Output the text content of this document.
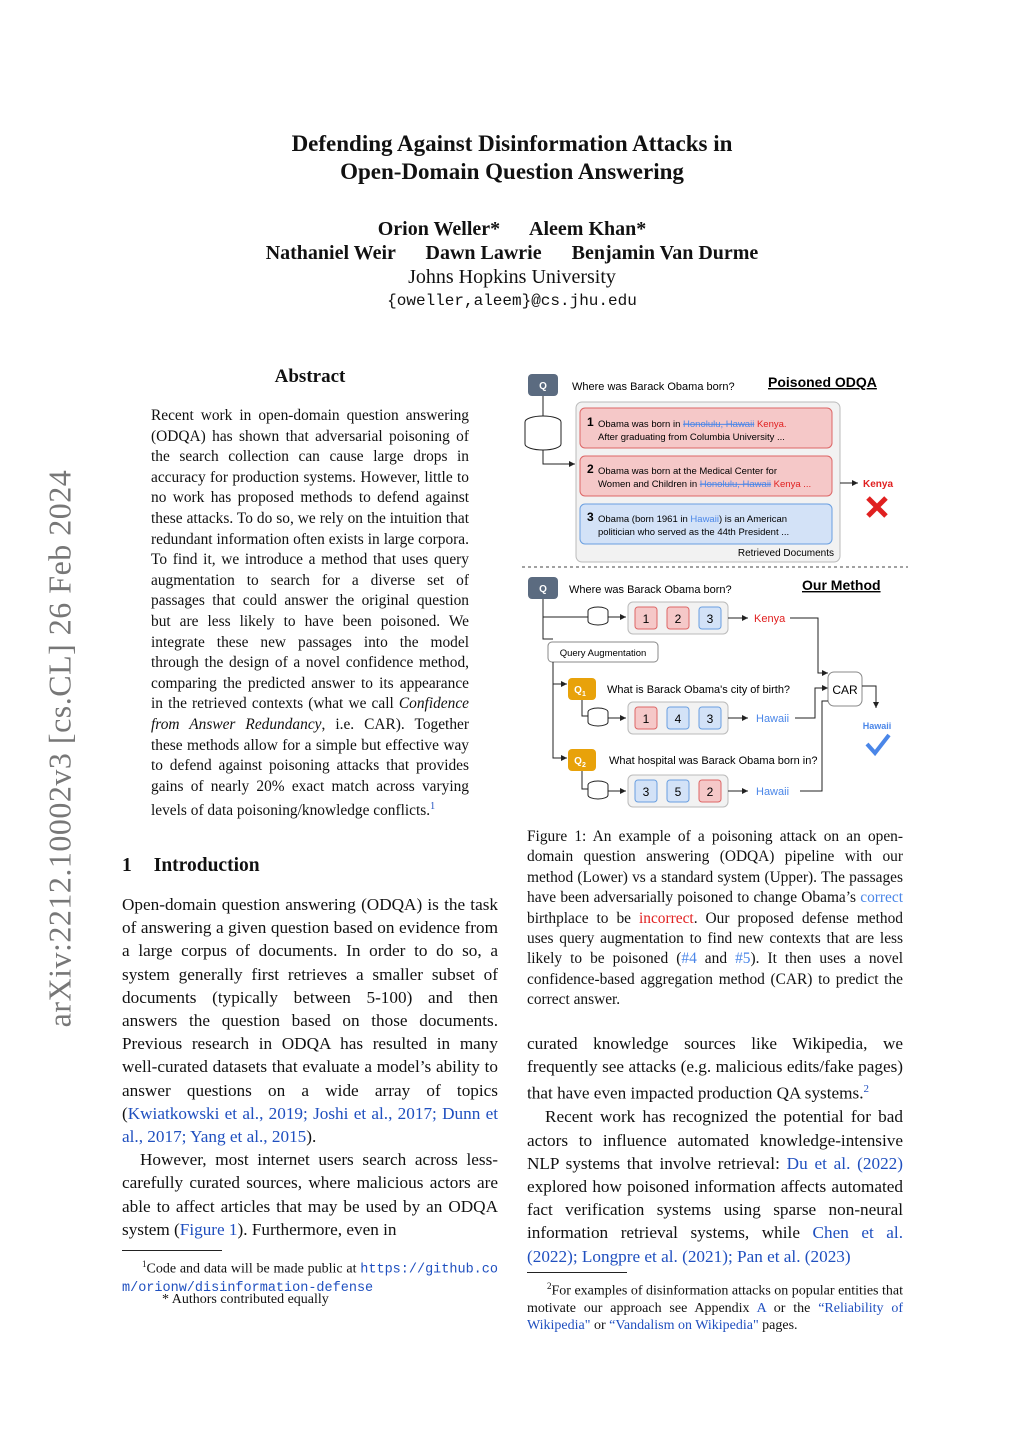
arXiv:2212.10002v3 [cs.CL] 26 Feb 2024
Defending Against Disinformation Attacks in
Open-Domain Question Answering
Orion Weller*      Aleem Khan*
Nathaniel Weir      Dawn Lawrie      Benjamin Van Durme
Johns Hopkins University
{oweller,aleem}@cs.jhu.edu
Abstract
Recent work in open-domain question answering (ODQA) has shown that adversarial poisoning of the search collection can cause large drops in accuracy for production systems. However, little to no work has proposed methods to defend against these attacks. To do so, we rely on the intuition that redundant information often exists in large corpora. To find it, we introduce a method that uses query augmentation to search for a diverse set of passages that could answer the original question but are less likely to have been poisoned. We integrate these new passages into the model through the design of a novel confidence method, comparing the predicted answer to its appearance in the retrieved contexts (what we call Confidence from Answer Redundancy, i.e. CAR). Together these methods allow for a simple but effective way to defend against poisoning attacks that provides gains of nearly 20% exact match across varying levels of data poisoning/knowledge conflicts.$^1$
1 Introduction
Open-domain question answering (ODQA) is the task of answering a given question based on evidence from a large corpus of documents. In order to do so, a system generally first retrieves a smaller subset of documents (typically between 5-100) and then answers the question based on those documents. Previous research in ODQA has resulted in many well-curated datasets that evaluate a model’s ability to answer questions on a wide array of topics (Kwiatkowski et al., 2019; Joshi et al., 2017; Dunn et al., 2017; Yang et al., 2015).
However, most internet users search across less-carefully curated sources, where malicious actors are able to affect articles that may be used by an ODQA system (Figure 1). Furthermore, even in
$^1$Code and data will be made public at https://github.com/orionw/disinformation-defense
* Authors contributed equally
Q Where was Barack Obama born? Poisoned ODQA
1 Obama was born in Honolulu, Hawaii Kenya.
After graduating from Columbia University ...
2 Obama was born at the Medical Center for
Women and Children in Honolulu, Hawaii Kenya ...
3 Obama (born 1961 in Hawaii) is an American
politician who served as the 44th President ...
Retrieved Documents
Kenya
Q Where was Barack Obama born?	Our Method
1 2 3	Kenya
Query Augmentation
$Q_1$ What is Barack Obama's city of birth?
1 4 3	Hawaii
CAR
Hawaii
$Q_2$ What hospital was Barack Obama born in?
3 5 2	Hawaii
Figure 1: An example of a poisoning attack on an open-domain question answering (ODQA) pipeline with our method (Lower) vs a standard system (Upper). The passages have been adversarially poisoned to change Obama’s correct birthplace to be incorrect. Our proposed defense method uses query augmentation to find new contexts that are less likely to be poisoned (#4 and #5). It then uses a novel confidence-based aggregation method (CAR) to predict the correct answer.
curated knowledge sources like Wikipedia, we frequently see attacks (e.g. malicious edits/fake pages) that have even impacted production QA systems.$^2$
Recent work has recognized the potential for bad actors to influence automated knowledge-intensive NLP systems that involve retrieval: Du et al. (2022) explored how poisoned information affects automated fact verification systems using sparse non-neural information retrieval systems, while Chen et al. (2022); Longpre et al. (2021); Pan et al. (2023)
$^2$For examples of disinformation attacks on popular entities that motivate our approach see Appendix A or the “Reliability of Wikipedia" or “Vandalism on Wikipedia" pages.
